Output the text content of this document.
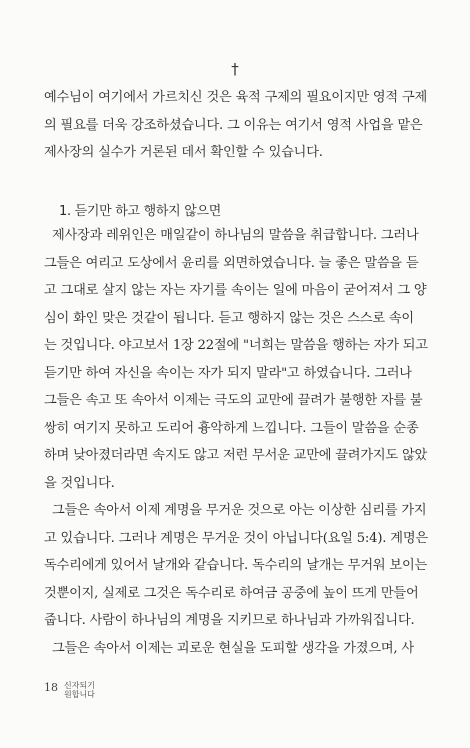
†
예수님이 여기에서 가르치신 것은 육적 구제의 필요이지만 영적 구제
의 필요를 더욱 강조하셨습니다. 그 이유는 여기서 영적 사업을 맡은
제사장의 실수가 거론된 데서 확인할 수 있습니다.
1. 듣기만 하고 행하지 않으면
제사장과 레위인은 매일같이 하나님의 말씀을 취급합니다. 그러나
그들은 여리고 도상에서 윤리를 외면하였습니다. 늘 좋은 말씀을 듣
고 그대로 살지 않는 자는 자기를 속이는 일에 마음이 굳어져서 그 양
심이 화인 맞은 것같이 됩니다. 듣고 행하지 않는 것은 스스로 속이
는 것입니다. 야고보서 1장 22절에 "너희는 말씀을 행하는 자가 되고
듣기만 하여 자신을 속이는 자가 되지 말라"고 하였습니다. 그러나
그들은 속고 또 속아서 이제는 극도의 교만에 끌려가 불행한 자를 불
쌍히 여기지 못하고 도리어 흉악하게 느낍니다. 그들이 말씀을 순종
하며 낮아졌더라면 속지도 않고 저런 무서운 교만에 끌려가지도 않았
을 것입니다.
그들은 속아서 이제 계명을 무거운 것으로 아는 이상한 심리를 가지
고 있습니다. 그러나 계명은 무거운 것이 아닙니다(요일 5:4). 계명은
독수리에게 있어서 날개와 같습니다. 독수리의 날개는 무거워 보이는
것뿐이지, 실제로 그것은 독수리로 하여금 공중에 높이 뜨게 만들어
줍니다. 사람이 하나님의 계명을 지키므로 하나님과 가까워집니다.
그들은 속아서 이제는 괴로운 현실을 도피할 생각을 가졌으며, 사
18 신자되기
원합니다
